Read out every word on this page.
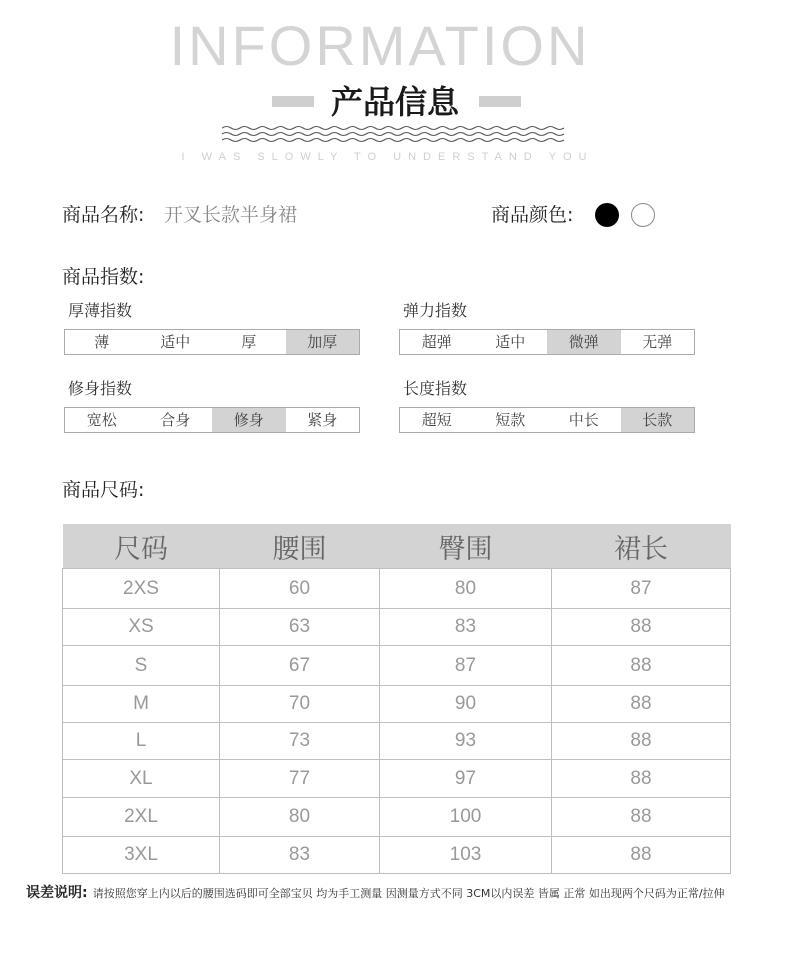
INFORMATION
产品信息
I WAS SLOWLY TO UNDERSTAND YOU
商品名称: 开叉长款半身裙	商品颜色:
商品指数:
厚薄指数
薄	适中	厚	加厚
弹力指数
超弹	适中	微弹	无弹
修身指数
宽松	合身	修身	紧身
长度指数
超短	短款	中长	长款
商品尺码:
尺码	腰围	臀围	裙长
2XS	60	80	87
XS	63	83	88
S	67	87	88
M	70	90	88
L	73	93	88
XL	77	97	88
2XL	80	100	88
3XL	83	103	88
误差说明: 请按照您穿上内以后的腰围选码即可全部宝贝 均为手工测量 因测量方式不同 3CM以内误差 皆属 正常 如出现两个尺码为正常/拉伸
